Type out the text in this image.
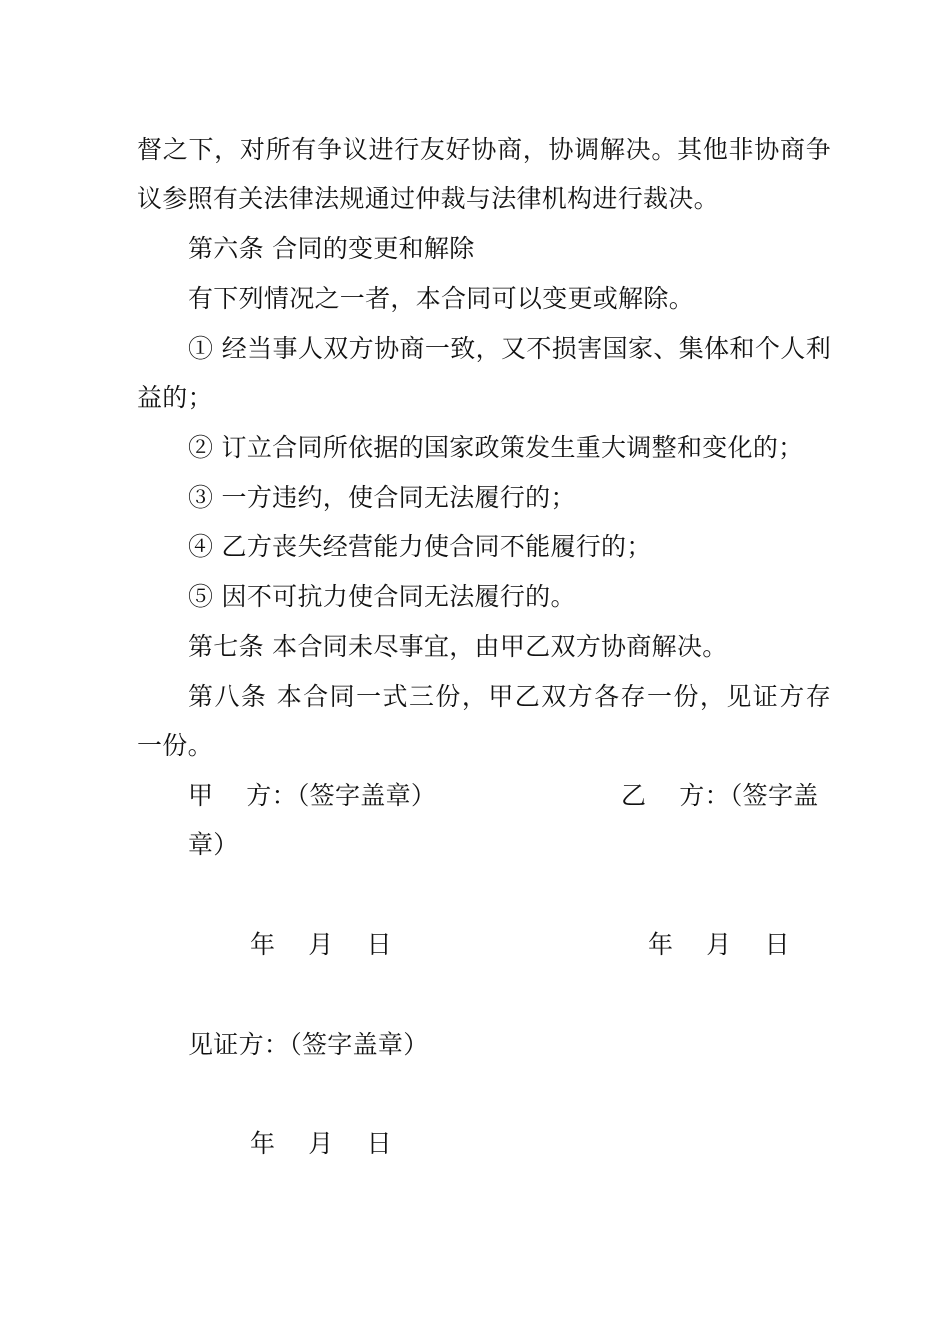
督之下，对所有争议进行友好协商，协调解决。其他非协商争
议参照有关法律法规通过仲裁与法律机构进行裁决。
第六条 合同的变更和解除
有下列情况之一者，本合同可以变更或解除。
① 经当事人双方协商一致，又不损害国家、集体和个人利
益的；
② 订立合同所依据的国家政策发生重大调整和变化的；
③ 一方违约，使合同无法履行的；
④ 乙方丧失经营能力使合同不能履行的；
⑤ 因不可抗力使合同无法履行的。
第七条 本合同未尽事宜，由甲乙双方协商解决。
第八条 本合同一式三份，甲乙双方各存一份，见证方存
一份。
甲    方：（签字盖章）	乙    方：（签字盖
章）
年    月    日	年    月    日
见证方：（签字盖章）
年    月    日
